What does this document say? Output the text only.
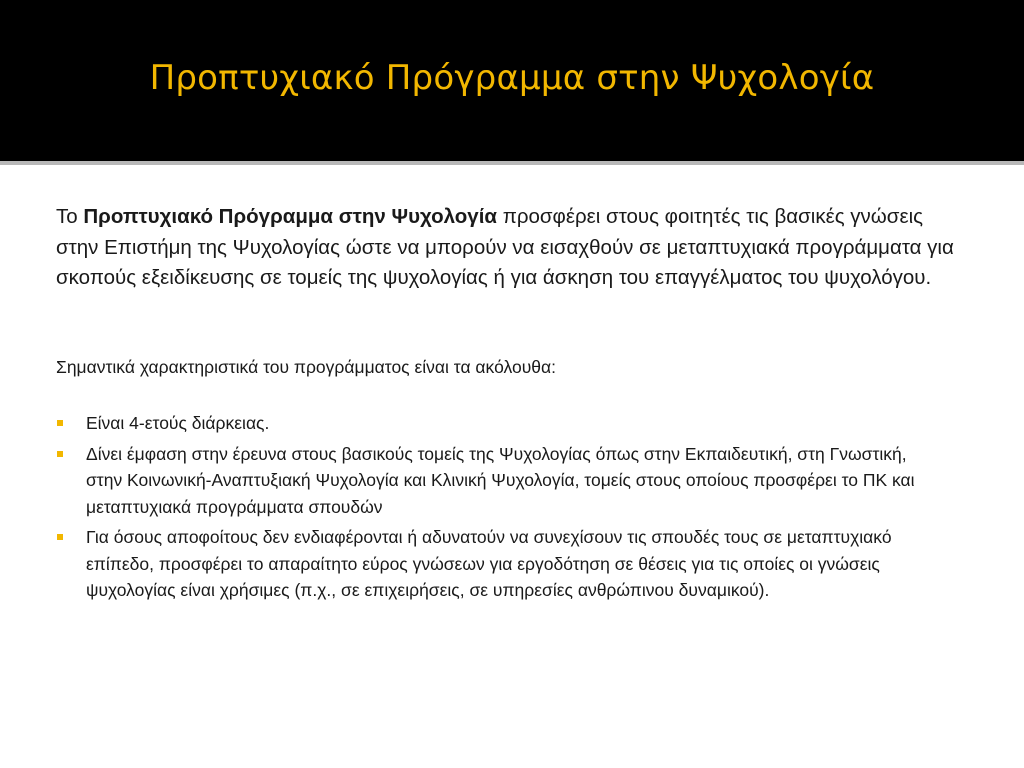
Προπτυχιακό Πρόγραμμα στην Ψυχολογία

Το Προπτυχιακό Πρόγραμμα στην Ψυχολογία προσφέρει στους φοιτητές τις βασικές γνώσεις στην Επιστήμη της Ψυχολογίας ώστε να μπορούν να εισαχθούν σε μεταπτυχιακά προγράμματα για σκοπούς εξειδίκευσης σε τομείς της ψυχολογίας ή για άσκηση του επαγγέλματος του ψυχολόγου.

Σημαντικά χαρακτηριστικά του προγράμματος είναι τα ακόλουθα:

Είναι 4-ετούς διάρκειας.
Δίνει έμφαση στην έρευνα στους βασικούς τομείς της Ψυχολογίας όπως στην Εκπαιδευτική, στη Γνωστική, στην Κοινωνική-Αναπτυξιακή Ψυχολογία και Κλινική Ψυχολογία, τομείς στους οποίους προσφέρει το ΠΚ και μεταπτυχιακά προγράμματα σπουδών
Για όσους αποφοίτους δεν ενδιαφέρονται ή αδυνατούν να συνεχίσουν τις σπουδές τους σε μεταπτυχιακό επίπεδο, προσφέρει το απαραίτητο εύρος γνώσεων για εργοδότηση σε θέσεις για τις οποίες οι γνώσεις ψυχολογίας είναι χρήσιμες (π.χ., σε επιχειρήσεις, σε υπηρεσίες ανθρώπινου δυναμικού).
